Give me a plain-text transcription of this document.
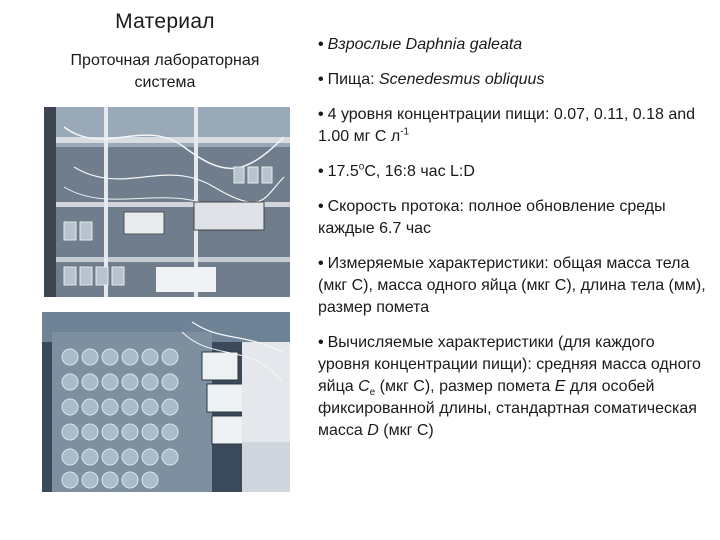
Материал
Проточная лабораторная
система
• Взрослые Daphnia galeata
• Пища: Scenedesmus obliquus
• 4 уровня концентрации пищи: 0.07, 0.11, 0.18 and 1.00 мг С $л^{-1}$
• 17.5$^o$C, 16:8 час L:D
• Скорость протока: полное обновление среды каждые 6.7 час
• Измеряемые характеристики: общая масса тела (мкг С), масса одного яйца (мкг С), длина тела (мм), размер помета
• Вычисляемые характеристики (для каждого уровня концентрации пищи): средняя масса одного яйца $C_e$ (мкг С), размер помета E для особей фиксированной длины, стандартная соматическая масса D (мкг С)
